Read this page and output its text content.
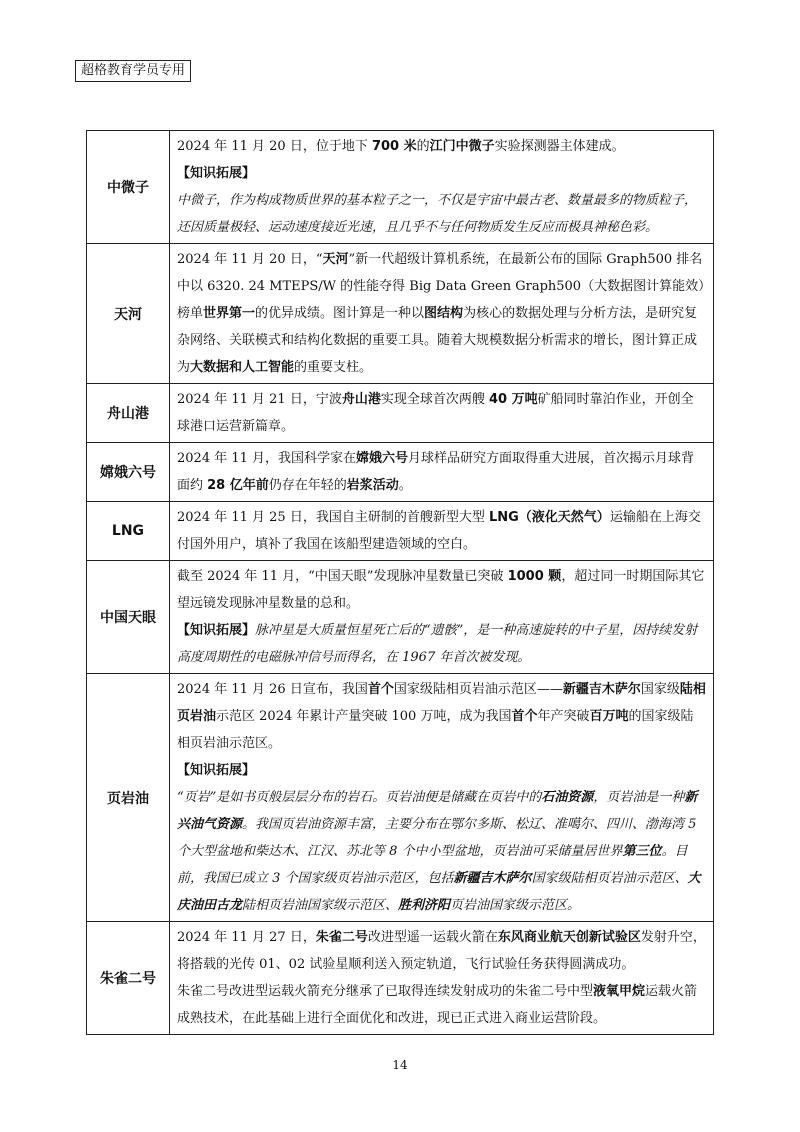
超格教育学员专用
中微子	2024 年 11 月 20 日，位于地下 700 米的江门中微子实验探测器主体建成。

【知识拓展】

中微子，作为构成物质世界的基本粒子之一，不仅是宇宙中最古老、数量最多的物质粒子，还因质量极轻、运动速度接近光速，且几乎不与任何物质发生反应而极具神秘色彩。

天河	2024 年 11 月 20 日，“天河”新一代超级计算机系统，在最新公布的国际 Graph500 排名中以 6320. 24 MTEPS/W 的性能夺得 Big Data Green Graph500（大数据图计算能效）榜单世界第一的优异成绩。图计算是一种以图结构为核心的数据处理与分析方法，是研究复杂网络、关联模式和结构化数据的重要工具。随着大规模数据分析需求的增长，图计算正成为大数据和人工智能的重要支柱。

舟山港	2024 年 11 月 21 日，宁波舟山港实现全球首次两艘 40 万吨矿船同时靠泊作业，开创全球港口运营新篇章。

嫦娥六号	2024 年 11 月，我国科学家在嫦娥六号月球样品研究方面取得重大进展，首次揭示月球背面约 28 亿年前仍存在年轻的岩浆活动。

LNG	2024 年 11 月 25 日，我国自主研制的首艘新型大型 LNG（液化天然气）运输船在上海交付国外用户，填补了我国在该船型建造领域的空白。

中国天眼	截至 2024 年 11 月，“中国天眼”发现脉冲星数量已突破 1000 颗，超过同一时期国际其它望远镜发现脉冲星数量的总和。

【知识拓展】脉冲星是大质量恒星死亡后的“遗骸”，是一种高速旋转的中子星，因持续发射高度周期性的电磁脉冲信号而得名，在 1967 年首次被发现。

页岩油	2024 年 11 月 26 日宣布，我国首个国家级陆相页岩油示范区——新疆吉木萨尔国家级陆相页岩油示范区 2024 年累计产量突破 100 万吨，成为我国首个年产突破百万吨的国家级陆相页岩油示范区。

【知识拓展】

“页岩”是如书页般层层分布的岩石。页岩油便是储藏在页岩中的石油资源，页岩油是一种新兴油气资源。我国页岩油资源丰富，主要分布在鄂尔多斯、松辽、准噶尔、四川、渤海湾 5 个大型盆地和柴达木、江汉、苏北等 8 个中小型盆地，页岩油可采储量居世界第三位。目前，我国已成立 3 个国家级页岩油示范区，包括新疆吉木萨尔国家级陆相页岩油示范区、大庆油田古龙陆相页岩油国家级示范区、胜利济阳页岩油国家级示范区。

朱雀二号	2024 年 11 月 27 日，朱雀二号改进型遥一运载火箭在东风商业航天创新试验区发射升空，将搭载的光传 01、02 试验星顺利送入预定轨道，飞行试验任务获得圆满成功。

朱雀二号改进型运载火箭充分继承了已取得连续发射成功的朱雀二号中型液氧甲烷运载火箭成熟技术，在此基础上进行全面优化和改进，现已正式进入商业运营阶段。

14
